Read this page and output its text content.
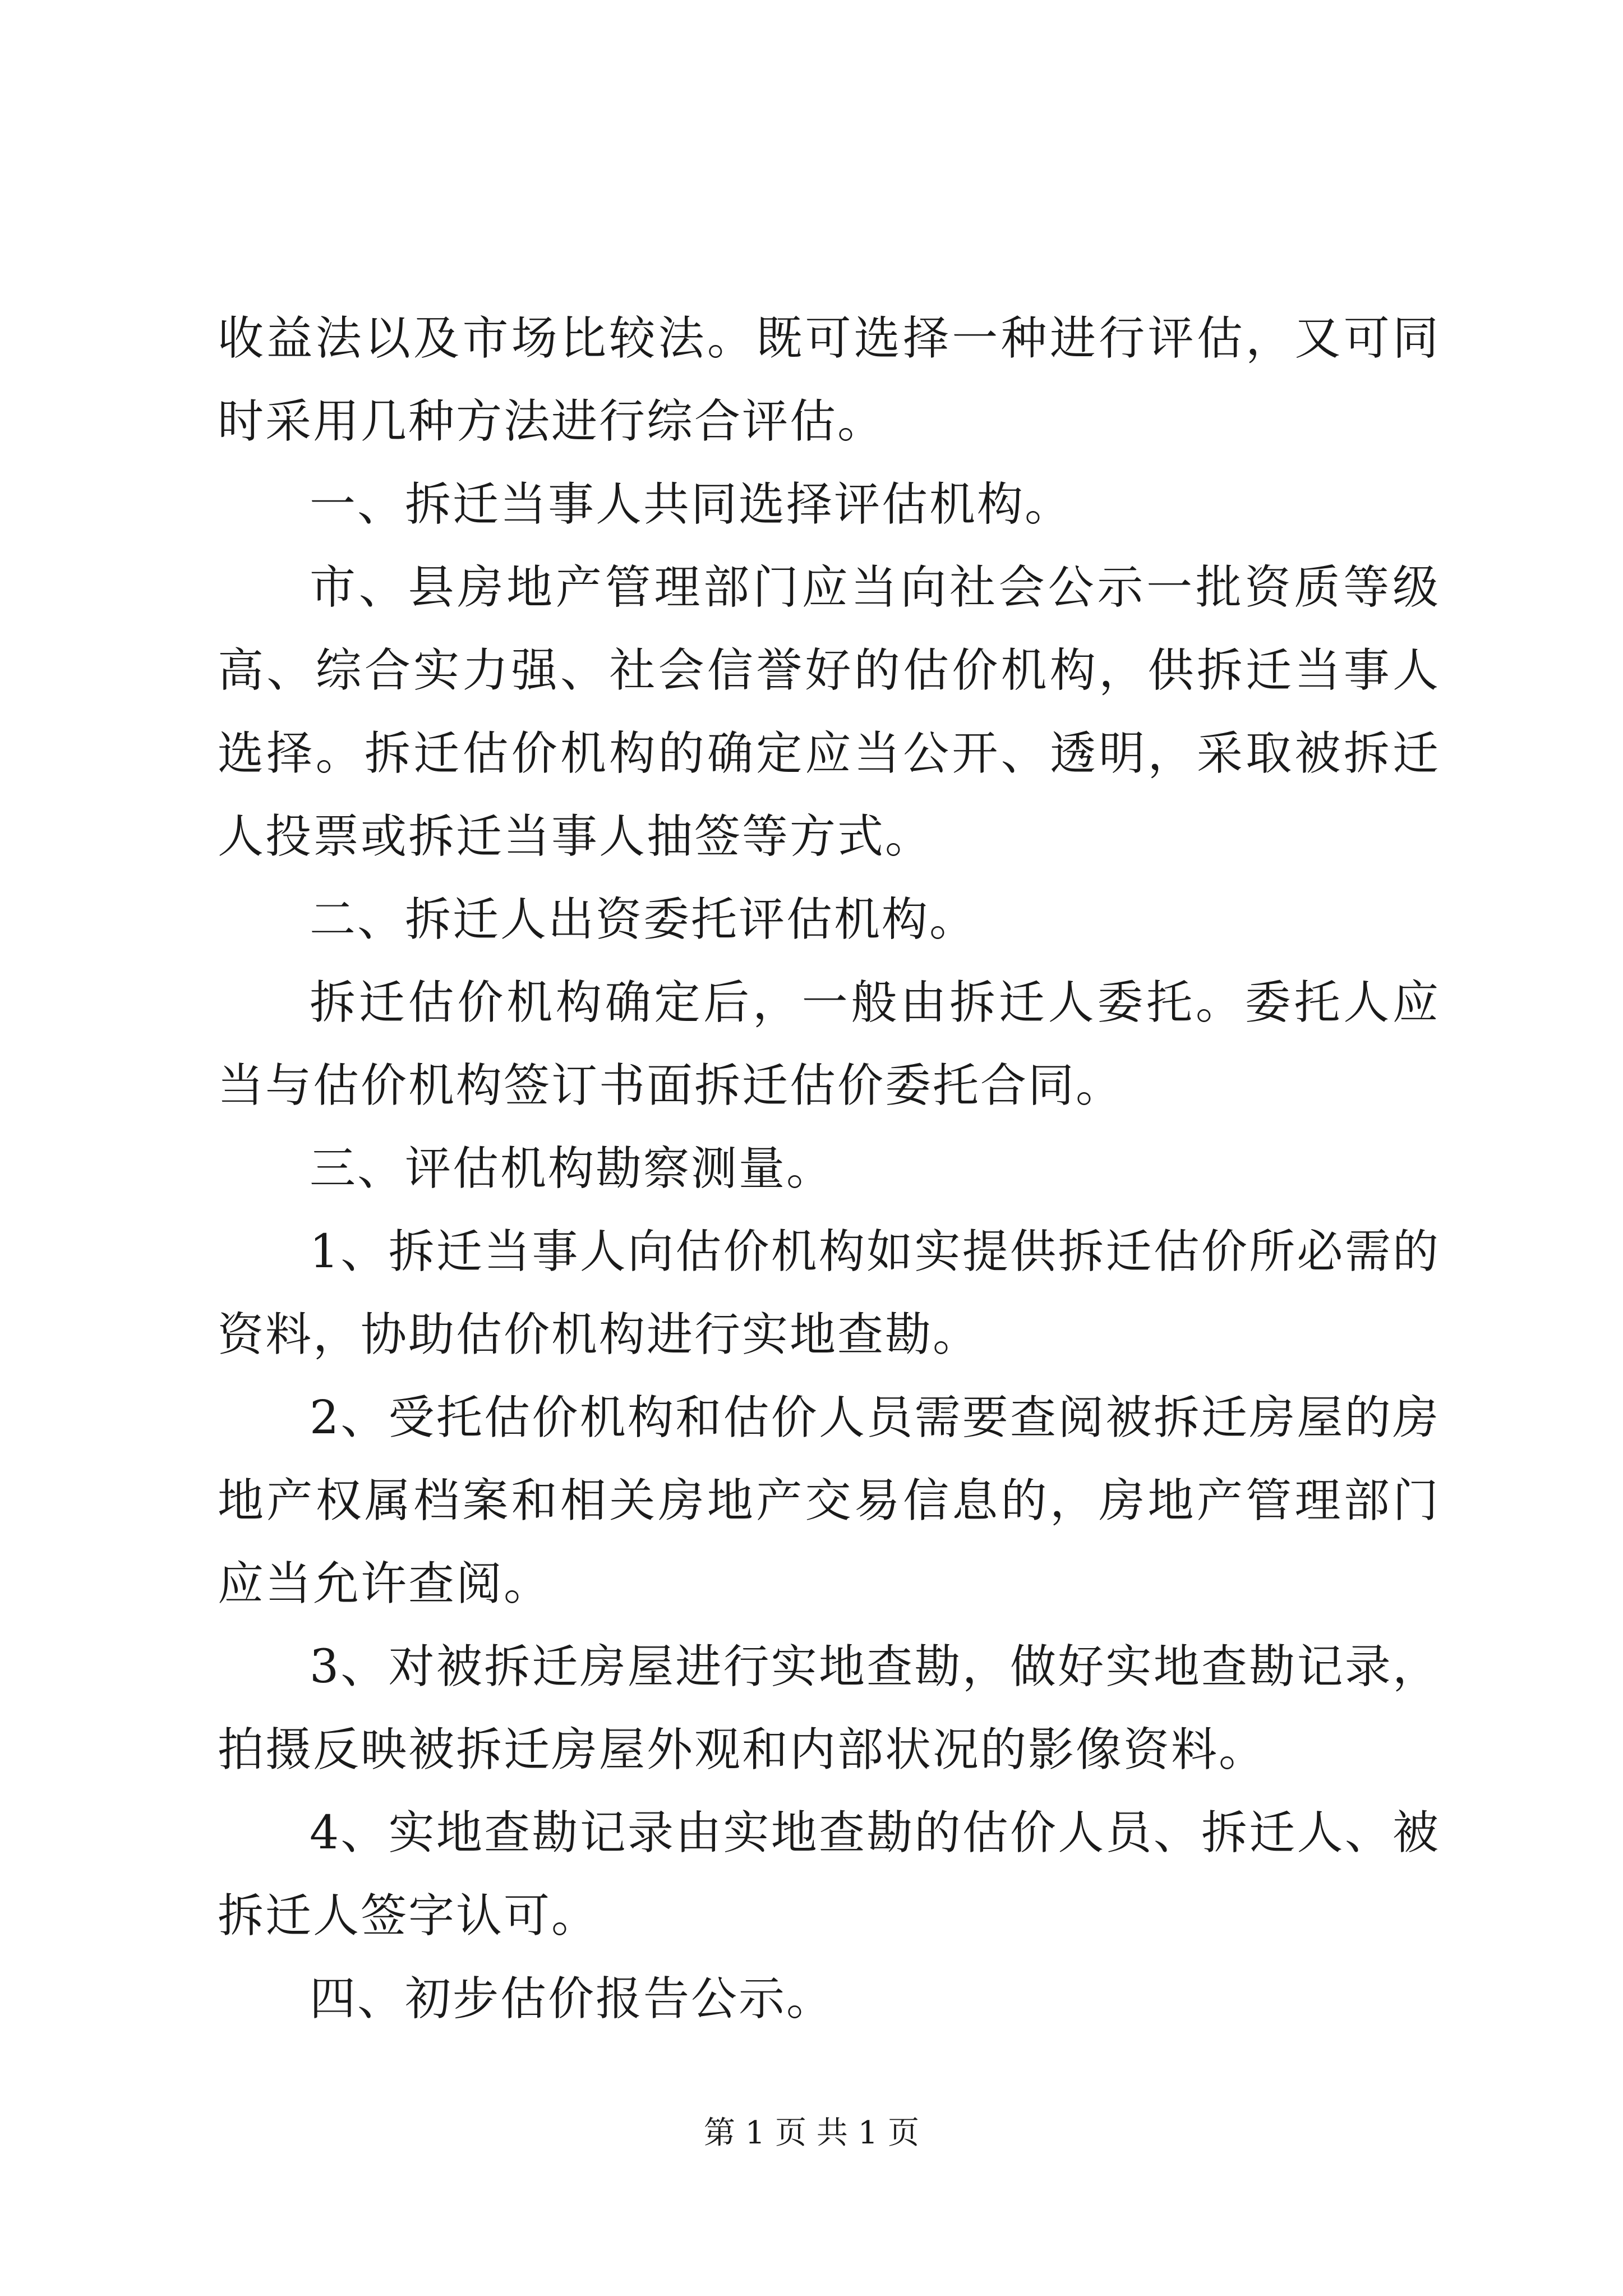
收益法以及市场比较法。既可选择一种进行评估，又可同时采用几种方法进行综合评估。

一、拆迁当事人共同选择评估机构。

市、县房地产管理部门应当向社会公示一批资质等级高、综合实力强、社会信誉好的估价机构，供拆迁当事人选择。拆迁估价机构的确定应当公开、透明，采取被拆迁人投票或拆迁当事人抽签等方式。

二、拆迁人出资委托评估机构。

拆迁估价机构确定后，一般由拆迁人委托。委托人应当与估价机构签订书面拆迁估价委托合同。

三、评估机构勘察测量。

1、拆迁当事人向估价机构如实提供拆迁估价所必需的资料，协助估价机构进行实地查勘。

2、受托估价机构和估价人员需要查阅被拆迁房屋的房地产权属档案和相关房地产交易信息的，房地产管理部门应当允许查阅。

3、对被拆迁房屋进行实地查勘，做好实地查勘记录，拍摄反映被拆迁房屋外观和内部状况的影像资料。

4、实地查勘记录由实地查勘的估价人员、拆迁人、被拆迁人签字认可。

四、初步估价报告公示。

第 1 页 共 1 页
